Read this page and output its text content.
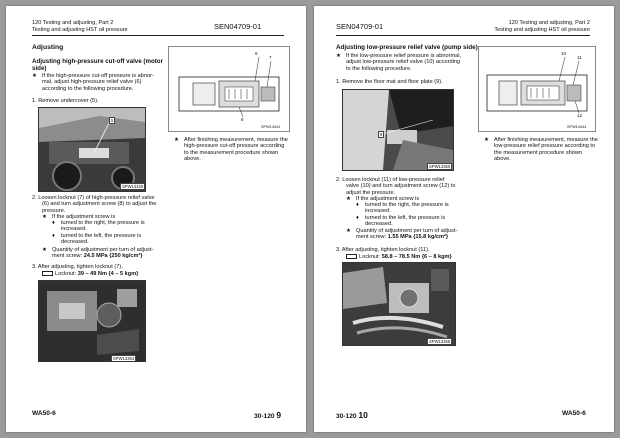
120 Testing and adjusting, Part 2
Testing and adjusting HST oil pressure	SEN04709-01
Adjusting
Adjusting high-pressure cut-off valve (motor
side)
★ If the high-pressure cut-off pressure is abnor-
mal, adjust high-pressure relief valve (6)
according to the following procedure.
1. Remove undercover (5).
5
SPW14429
6
7
8
SPW14441
★ After finishing measurement, measure the
high-pressure cut-off pressure according
to the measurement procedure shown
above.
2. Loosen locknut (7) of high-pressure relief valve
(6) and turn adjustment screw (8) to adjust the
pressure.
★ If the adjustment screw is
♦ turned to the right, the pressure is
increased.
♦ turned to the left, the pressure is
decreased.
★ Quantity of adjustment per turn of adjust-
ment screw: 24.5 MPa {250 kg/cm²}
3. After adjusting, tighten locknut (7).
Locknut: 39 – 49 Nm {4 – 5 kgm}
SPW13353
WA50-6	30-120 9
SEN04709-01	120 Testing and adjusting, Part 2
Testing and adjusting HST oil pressure
Adjusting low-pressure relief valve (pump side)
★ If the low-pressure relief pressure is abnormal,
adjust low-pressure relief valve (10) according
to the following procedure.
1. Remove the floor mat and floor plate (9).
9
SPW13350
10
11
12
SPW14444
★ After finishing measurement, measure the
low-pressure relief pressure according to
the measurement procedure shown
above.
2. Loosen locknut (11) of low-pressure relief
valve (10) and turn adjustment screw (12) to
adjust the pressure.
★ If the adjustment screw is
♦ turned to the right, the pressure is
increased.
♦ turned to the left, the pressure is
decreased.
★ Quantity of adjustment per turn of adjust-
ment screw: 1.55 MPa {15.8 kg/cm²}
3. After adjusting, tighten locknut (11).
Locknut: 58.8 – 78.5 Nm {6 – 8 kgm}
SPW13358
30-120 10	WA50-6
